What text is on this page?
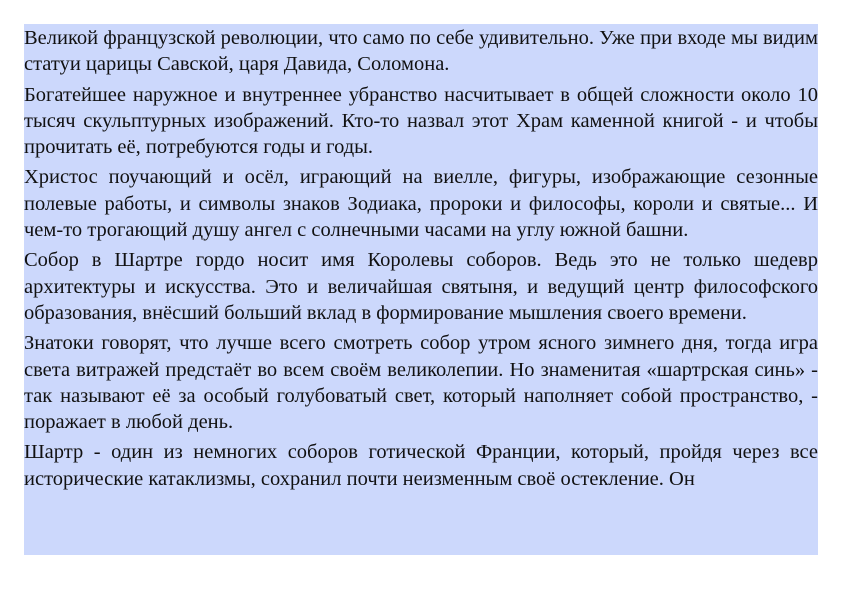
Великой французской революции, что само по себе удивительно. Уже при входе мы видим статуи царицы Савской, царя Давида, Соломона.

Богатейшее наружное и внутреннее убранство насчитывает в общей сложности около 10 тысяч скульптурных изображений. Кто-то назвал этот Храм каменной книгой - и чтобы прочитать её, потребуются годы и годы.

Христос поучающий и осёл, играющий на виелле, фигуры, изображающие сезонные полевые работы, и символы знаков Зодиака, пророки и философы, короли и святые... И чем-то трогающий душу ангел с солнечными часами на углу южной башни.

Собор в Шартре гордо носит имя Королевы соборов. Ведь это не только шедевр архитектуры и искусства. Это и величайшая святыня, и ведущий центр философского образования, внёсший больший вклад в формирование мышления своего времени.

Знатоки говорят, что лучше всего смотреть собор утром ясного зимнего дня, тогда игра света витражей предстаёт во всем своём великолепии. Но знаменитая «шартрская синь» - так называют её за особый голубоватый свет, который наполняет собой пространство, - поражает в любой день.

Шартр - один из немногих соборов готической Франции, который, пройдя через все исторические катаклизмы, сохранил почти неизменным своё остекление. Он
